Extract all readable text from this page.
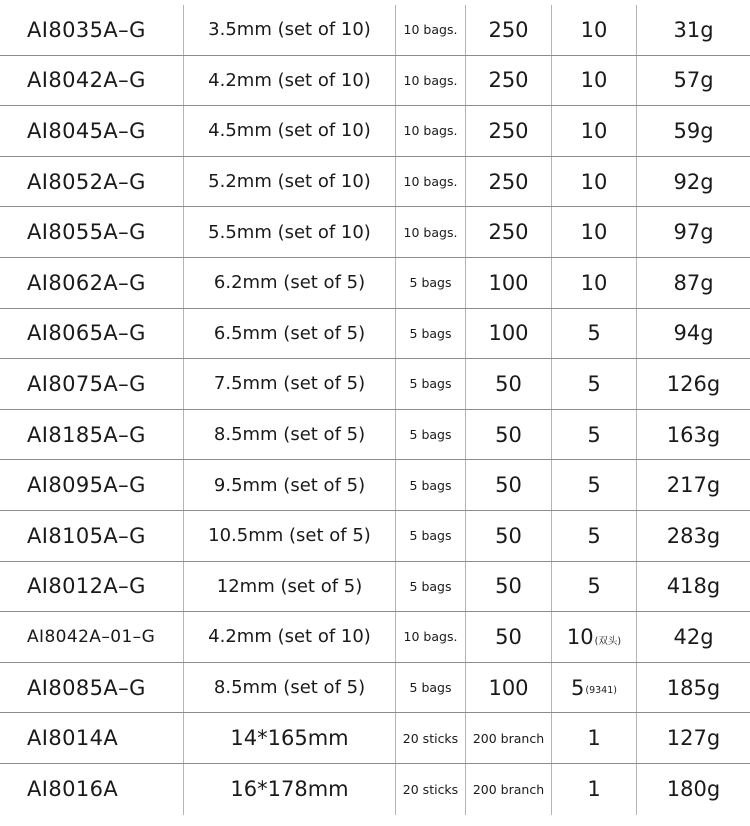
AI8035A–G	3.5mm (set of 10)	10 bags.	250	10	31g
AI8042A–G	4.2mm (set of 10)	10 bags.	250	10	57g
AI8045A–G	4.5mm (set of 10)	10 bags.	250	10	59g
AI8052A–G	5.2mm (set of 10)	10 bags.	250	10	92g
AI8055A–G	5.5mm (set of 10)	10 bags.	250	10	97g
AI8062A–G	6.2mm (set of 5)	5 bags	100	10	87g
AI8065A–G	6.5mm (set of 5)	5 bags	100	5	94g
AI8075A–G	7.5mm (set of 5)	5 bags	50	5	126g
AI8185A–G	8.5mm (set of 5)	5 bags	50	5	163g
AI8095A–G	9.5mm (set of 5)	5 bags	50	5	217g
AI8105A–G	10.5mm (set of 5)	5 bags	50	5	283g
AI8012A–G	12mm (set of 5)	5 bags	50	5	418g
AI8042A–01–G	4.2mm (set of 10)	10 bags.	50	$10_{(双头)}$	42g
AI8085A–G	8.5mm (set of 5)	5 bags	100	$5_{(9341)}$	185g
AI8014A	14*165mm	20 sticks	200 branch	1	127g
AI8016A	16*178mm	20 sticks	200 branch	1	180g
